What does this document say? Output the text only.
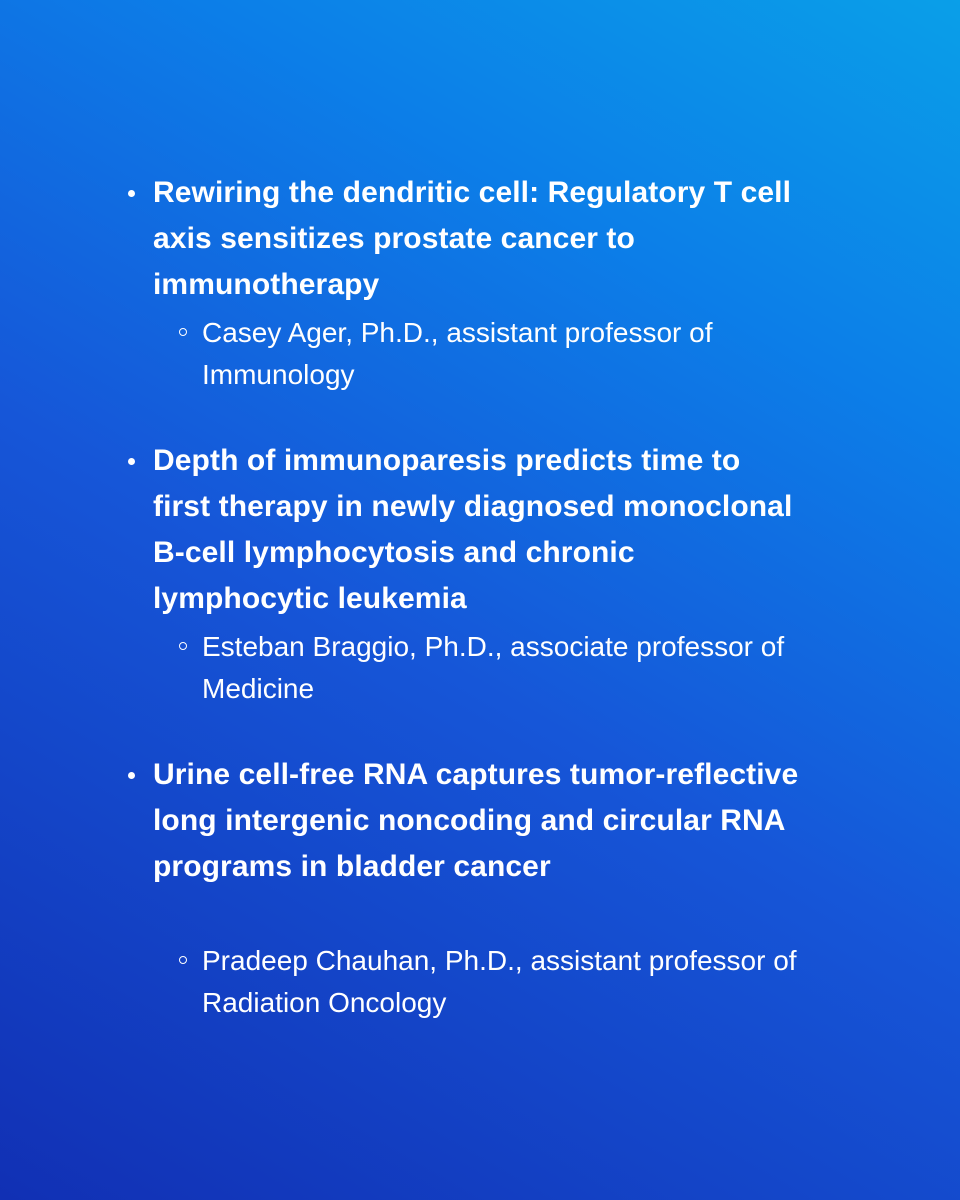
Rewiring the dendritic cell: Regulatory T cell axis sensitizes prostate cancer to immunotherapy

Casey Ager, Ph.D., assistant professor of Immunology

Depth of immunoparesis predicts time to first therapy in newly diagnosed monoclonal B-cell lymphocytosis and chronic lymphocytic leukemia

Esteban Braggio, Ph.D., associate professor of Medicine

Urine cell-free RNA captures tumor-reflective long intergenic noncoding and circular RNA programs in bladder cancer

Pradeep Chauhan, Ph.D., assistant professor of Radiation Oncology
